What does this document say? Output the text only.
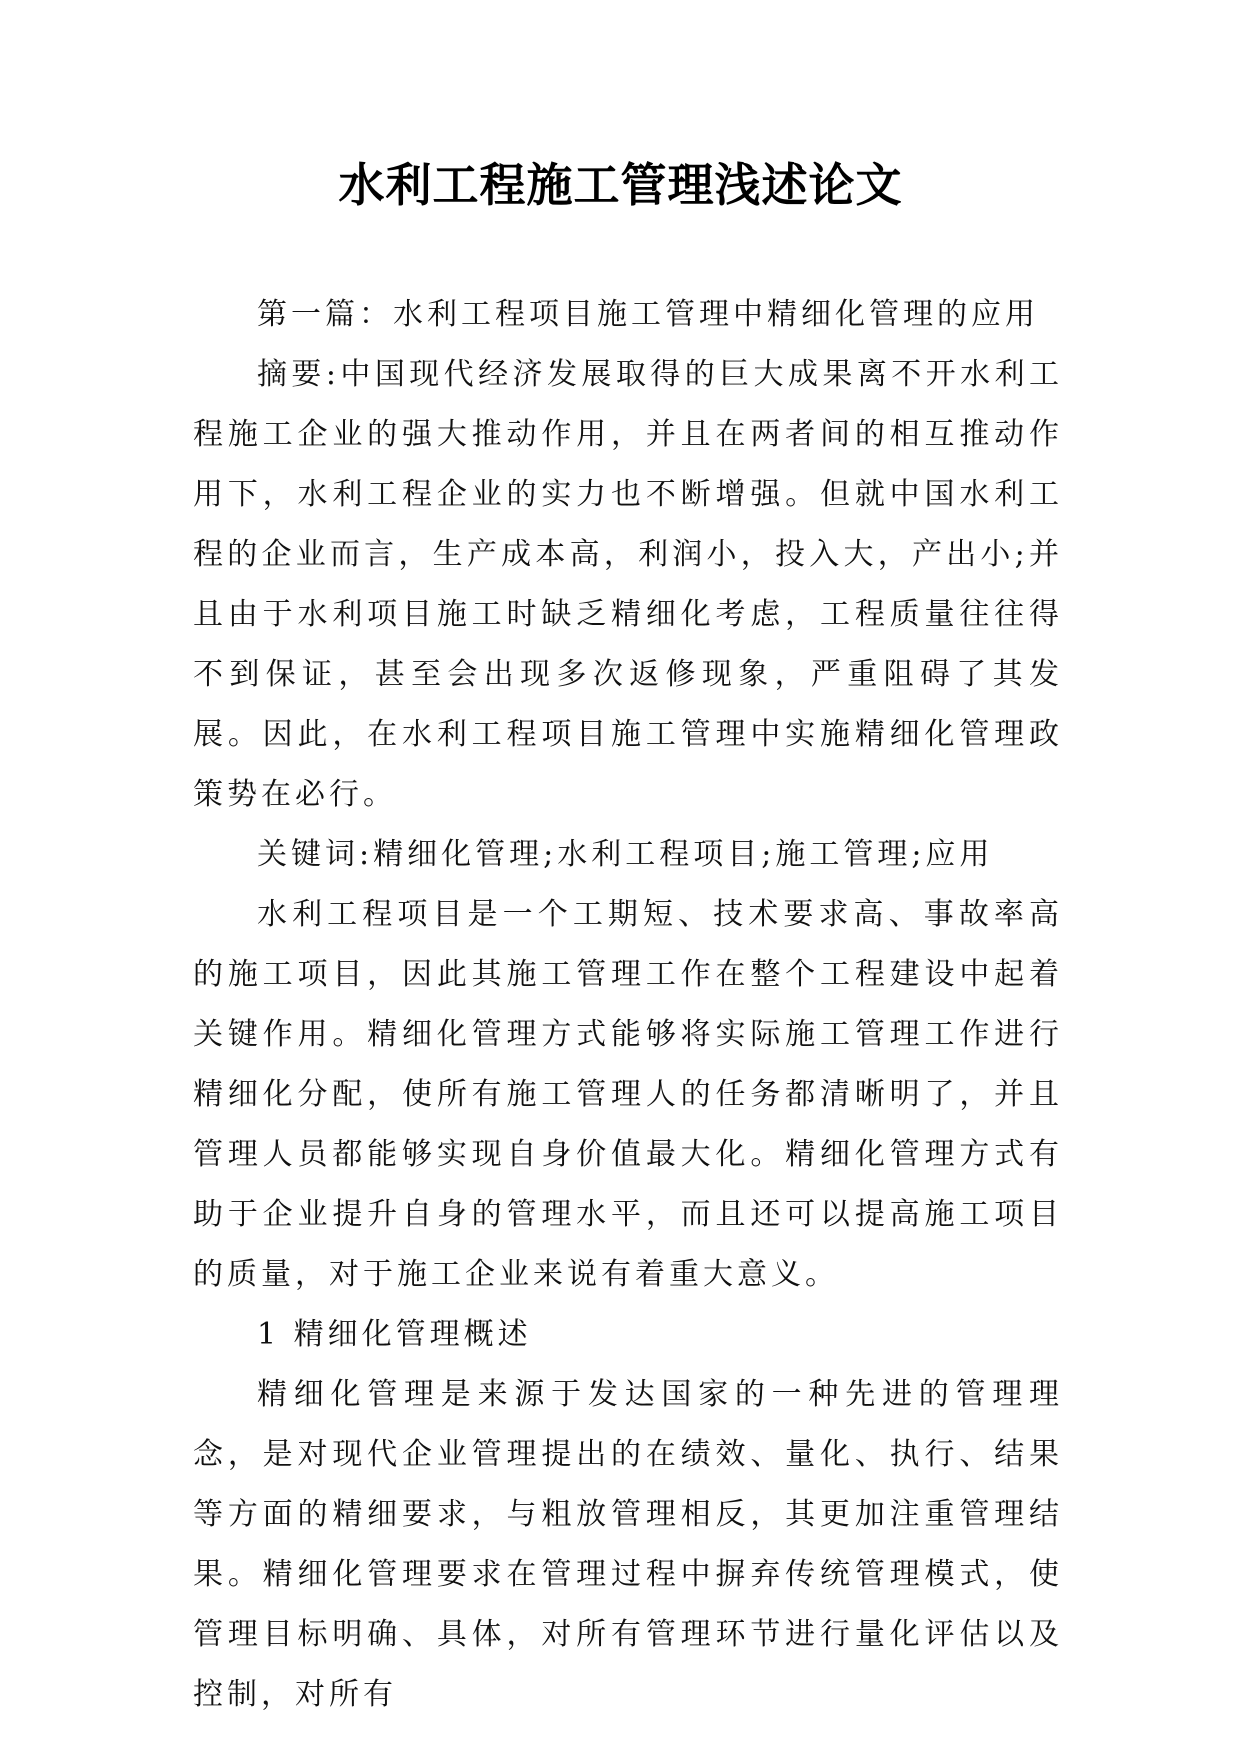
水利工程施工管理浅述论文

第一篇：水利工程项目施工管理中精细化管理的应用

摘要:中国现代经济发展取得的巨大成果离不开水利工程施工企业的强大推动作用，并且在两者间的相互推动作用下，水利工程企业的实力也不断增强。但就中国水利工程的企业而言，生产成本高，利润小，投入大，产出小;并且由于水利项目施工时缺乏精细化考虑，工程质量往往得不到保证，甚至会出现多次返修现象，严重阻碍了其发展。因此，在水利工程项目施工管理中实施精细化管理政策势在必行。

关键词:精细化管理;水利工程项目;施工管理;应用

水利工程项目是一个工期短、技术要求高、事故率高的施工项目，因此其施工管理工作在整个工程建设中起着关键作用。精细化管理方式能够将实际施工管理工作进行精细化分配，使所有施工管理人的任务都清晰明了，并且管理人员都能够实现自身价值最大化。精细化管理方式有助于企业提升自身的管理水平，而且还可以提高施工项目的质量，对于施工企业来说有着重大意义。

1 精细化管理概述

精细化管理是来源于发达国家的一种先进的管理理念，是对现代企业管理提出的在绩效、量化、执行、结果等方面的精细要求，与粗放管理相反，其更加注重管理结果。精细化管理要求在管理过程中摒弃传统管理模式，使管理目标明确、具体，对所有管理环节进行量化评估以及控制，对所有
